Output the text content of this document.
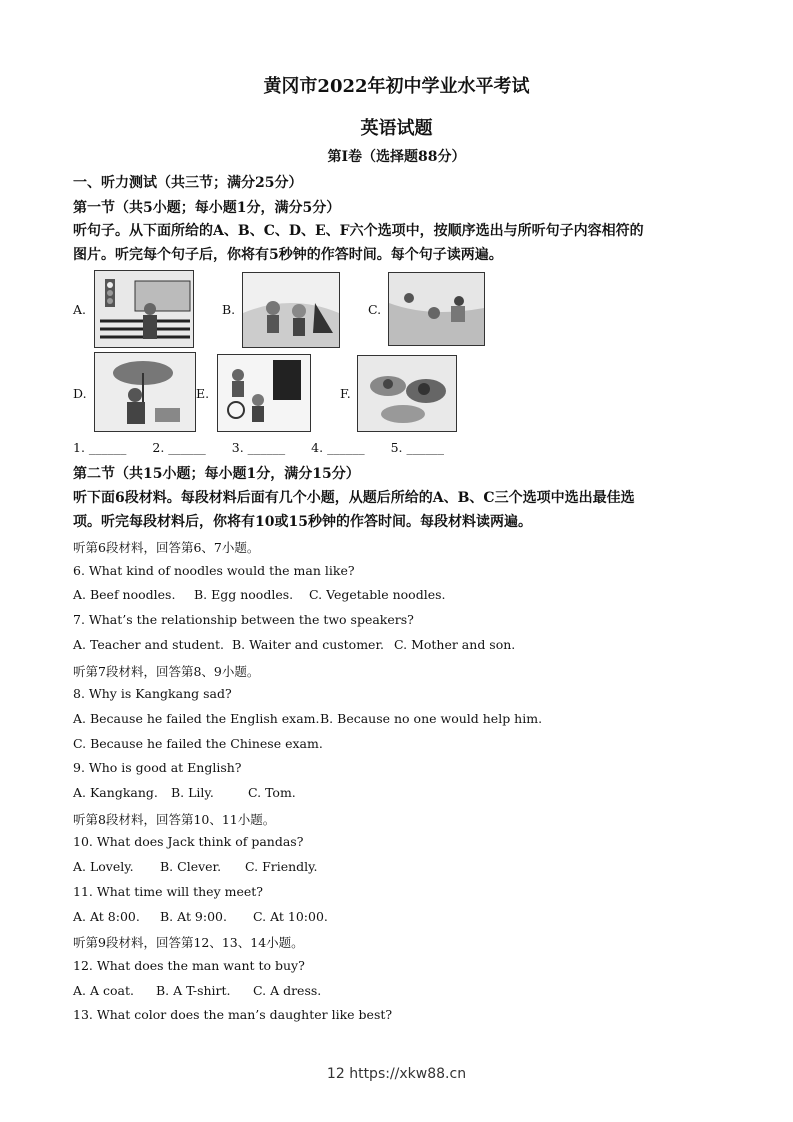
黄冈市2022年初中学业水平考试
英语试题
第I卷（选择题88分）
一、听力测试（共三节；满分25分）
第一节（共5小题；每小题1分，满分5分）
听句子。从下面所给的A、B、C、D、E、F六个选项中，按顺序选出与所听句子内容相符的
图片。听完每个句子后，你将有5秒钟的作答时间。每个句子读两遍。
A.	B.	C.
D.	E.	F.
1. ______ 2. ______ 3. ______ 4. ______ 5. ______
第二节（共15小题；每小题1分，满分15分）
听下面6段材料。每段材料后面有几个小题，从题后所给的A、B、C三个选项中选出最佳选
项。听完每段材料后，你将有10或15秒钟的作答时间。每段材料读两遍。
听第6段材料，回答第6、7小题。
6. What kind of noodles would the man like?
A. Beef noodles. B. Egg noodles. C. Vegetable noodles.
7. What’s the relationship between the two speakers?
A. Teacher and student. B. Waiter and customer. C. Mother and son.
听第7段材料，回答第8、9小题。
8. Why is Kangkang sad?
A. Because he failed the English exam. B. Because no one would help him.
C. Because he failed the Chinese exam.
9. Who is good at English?
A. Kangkang. B. Lily.	C. Tom.
听第8段材料，回答第10、11小题。
10. What does Jack think of pandas?
A. Lovely. B. Clever. C. Friendly.
11. What time will they meet?
A. At 8:00. B. At 9:00. C. At 10:00.
听第9段材料，回答第12、13、14小题。
12. What does the man want to buy?
A. A coat. B. A T-shirt. C. A dress.
13. What color does the man’s daughter like best?
12 https://xkw88.cn
